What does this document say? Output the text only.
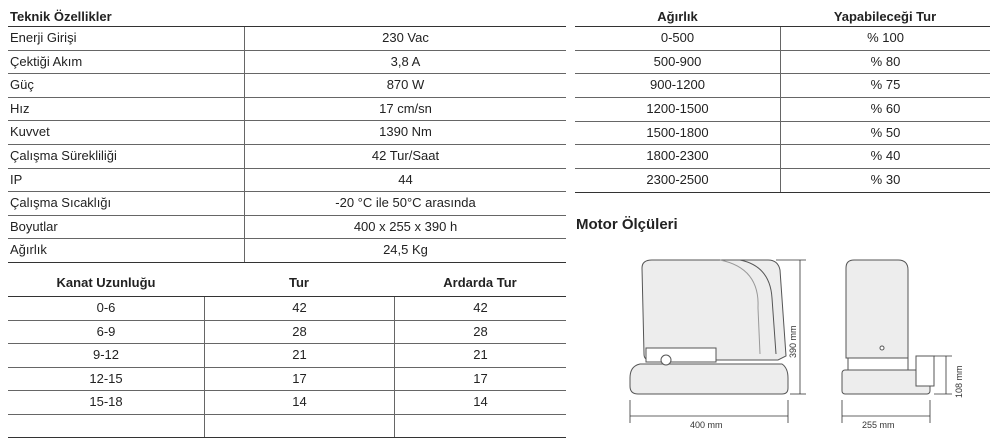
Teknik Özellikler
Enerji Girişi	230 Vac
Çektiği Akım	3,8 A
Güç	870 W
Hız	17 cm/sn
Kuvvet	1390 Nm
Çalışma Sürekliliği	42 Tur/Saat
IP	44
Çalışma Sıcaklığı	-20 °C ile 50°C arasında
Boyutlar	400 x 255 x 390 h
Ağırlık	24,5 Kg
Kanat Uzunluğu	Tur	Ardarda Tur
0-6	42	42
6-9	28	28
9-12	21	21
12-15	17	17
15-18	14	14
Ağırlık	Yapabileceği Tur
0-500	% 100
500-900	% 80
900-1200	% 75
1200-1500	% 60
1500-1800	% 50
1800-2300	% 40
2300-2500	% 30
Motor Ölçüleri
400 mm
390 mm
255 mm
108 mm
